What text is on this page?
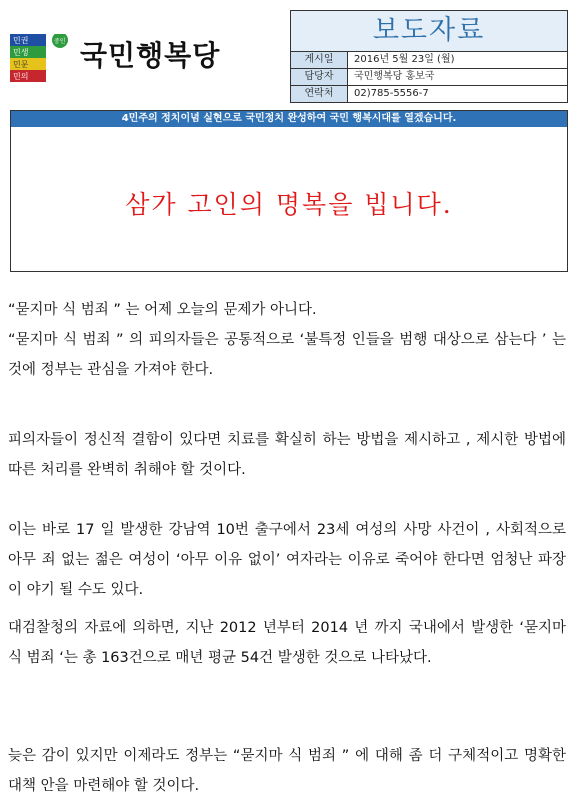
민권
민생
민문
민의
중인 국민행복당
보도자료
게시일	2016년 5월 23일 (월)
담당자	국민행복당 홍보국
연락처	02)785-5556-7
4민주의 정치이념 실현으로 국민정치 완성하여 국민 행복시대를 열겠습니다.
삼가 고인의 명복을 빕니다.

“묻지마 식 범죄 ” 는 어제 오늘의 문제가 아니다.

“묻지마 식 범죄 ” 의 피의자들은 공통적으로 ‘불특정 인들을 범행 대상으로 삼는다 ’ 는 것에 정부는 관심을 가져야 한다.

피의자들이 정신적 결함이 있다면 치료를 확실히 하는 방법을 제시하고 , 제시한 방법에 따른 처리를 완벽히 취해야 할 것이다.

이는 바로 17 일 발생한 강남역 10번 출구에서 23세 여성의 사망 사건이 , 사회적으로 아무 죄 없는 젊은 여성이 ‘아무 이유 없이’ 여자라는 이유로 죽어야 한다면 엄청난 파장이 야기 될 수도 있다.

대검찰청의 자료에 의하면, 지난 2012 년부터 2014 년 까지 국내에서 발생한 ‘묻지마 식 범죄 ‘는 총 163건으로 매년 평균 54건 발생한 것으로 나타났다.

늦은 감이 있지만 이제라도 정부는 “묻지마 식 범죄 ” 에 대해 좀 더 구체적이고 명확한 대책 안을 마련해야 할 것이다.
